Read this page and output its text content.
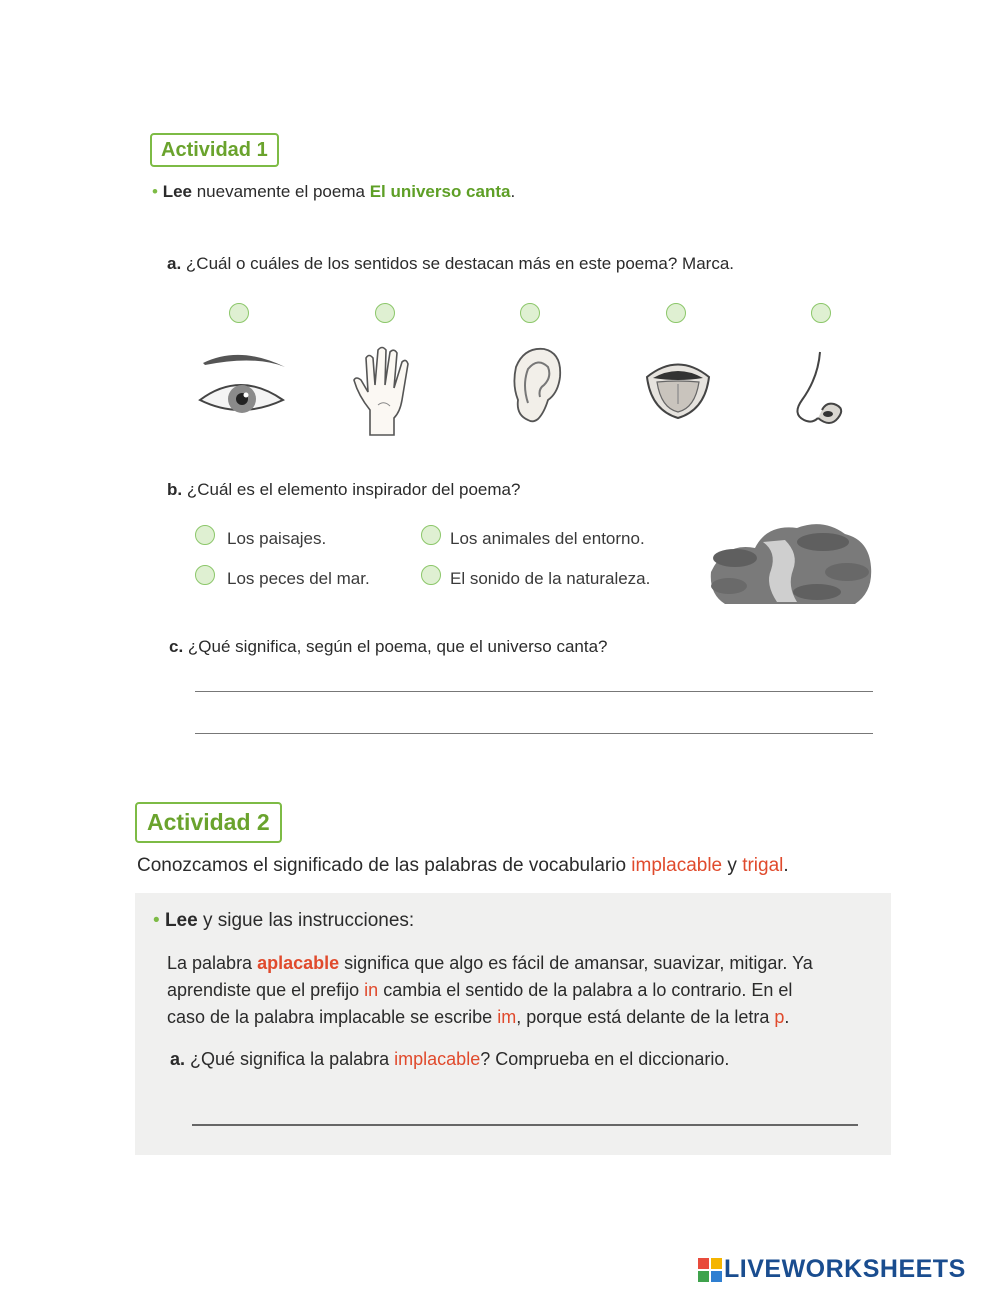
Actividad 1
• Lee nuevamente el poema El universo canta.
a. ¿Cuál o cuáles de los sentidos se destacan más en este poema? Marca.
b. ¿Cuál es el elemento inspirador del poema?
Los paisajes.	Los animales del entorno.
Los peces del mar.	El sonido de la naturaleza.
c. ¿Qué significa, según el poema, que el universo canta?
Actividad 2
Conozcamos el significado de las palabras de vocabulario implacable y trigal.
• Lee y sigue las instrucciones:
La palabra aplacable significa que algo es fácil de amansar, suavizar, mitigar. Ya
aprendiste que el prefijo in cambia el sentido de la palabra a lo contrario. En el
caso de la palabra implacable se escribe im, porque está delante de la letra p.
a. ¿Qué significa la palabra implacable? Comprueba en el diccionario.
LIVEWORKSHEETS
